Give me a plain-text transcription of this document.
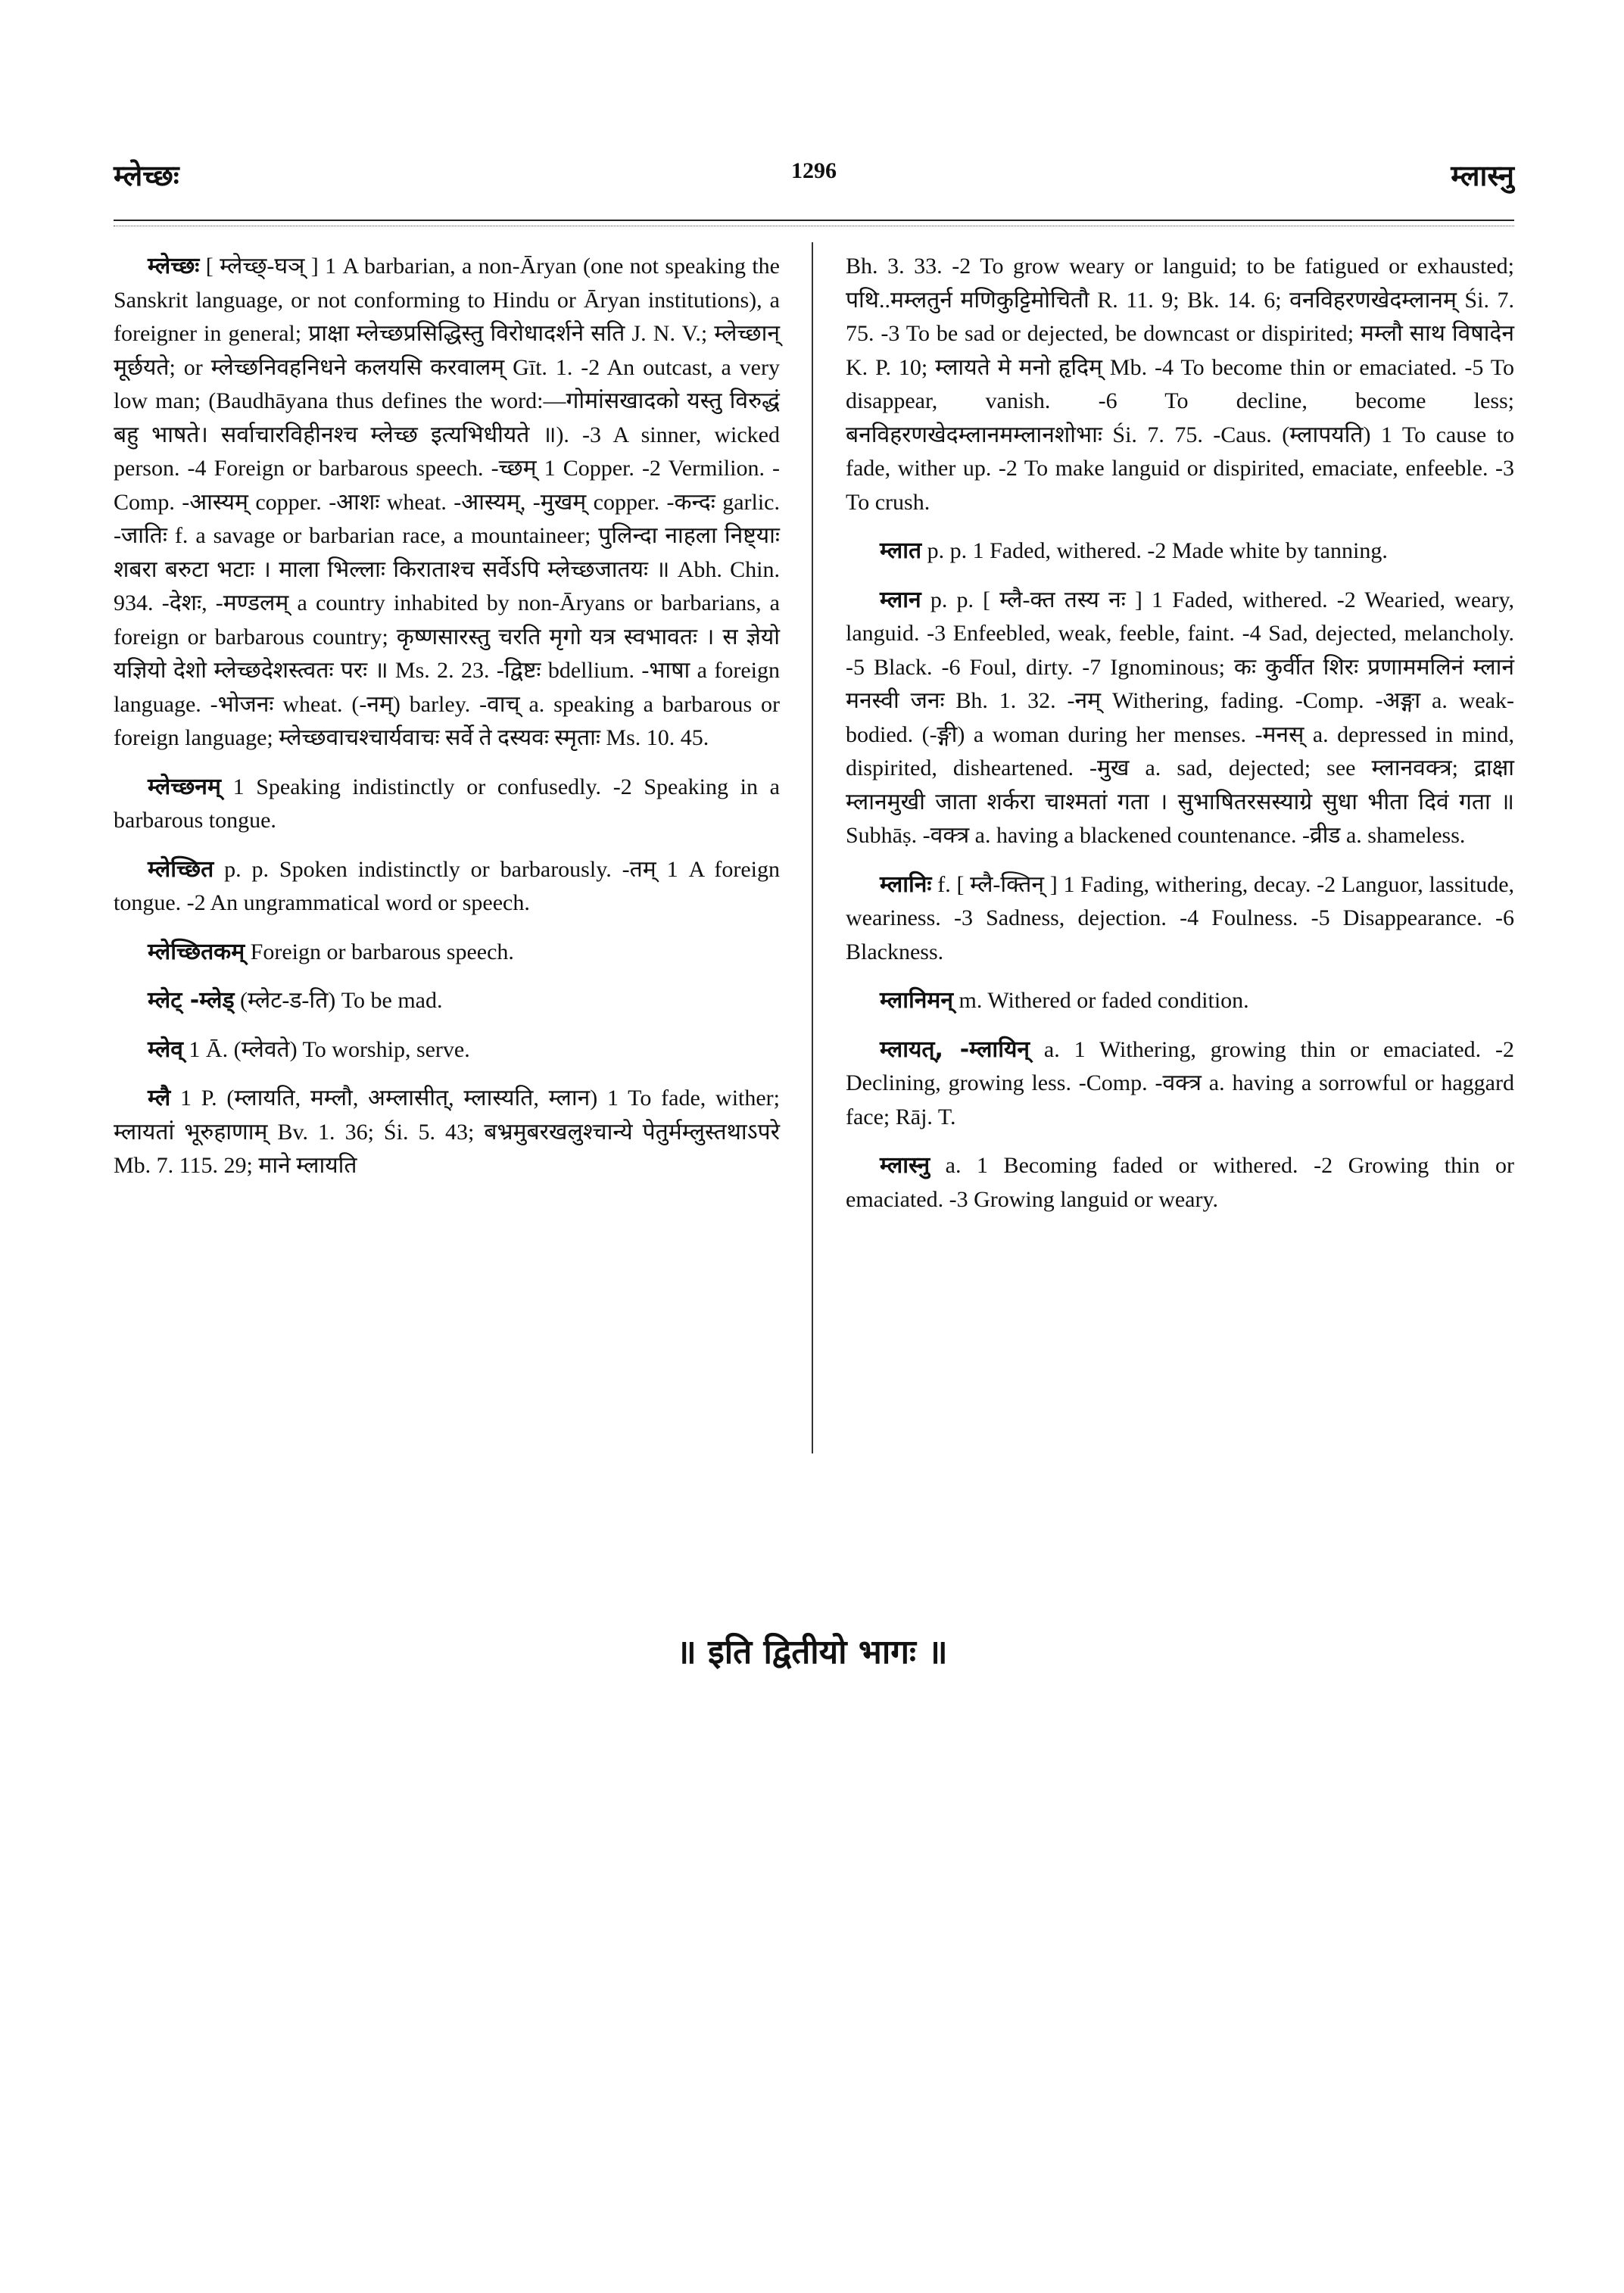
म्लेच्छः	1296	म्लास्नु

म्लेच्छः [ म्लेच्छ्-घञ् ] 1 A barbarian, a non-Āryan (one not speaking the Sanskrit language, or not conforming to Hindu or Āryan institutions), a foreigner in general; प्राक्षा म्लेच्छप्रसिद्धिस्तु विरोधादर्शने सति J. N. V.; म्लेच्छान् मूर्छयते; or म्लेच्छनिवहनिधने कलयसि करवालम् Gīt. 1. -2 An outcast, a very low man; (Baudhāyana thus defines the word:—गोमांसखादको यस्तु विरुद्धं बहु भाषते। सर्वाचारविहीनश्च म्लेच्छ इत्यभिधीयते ॥). -3 A sinner, wicked person. -4 Foreign or barbarous speech. -च्छम् 1 Copper. -2 Vermilion. -Comp. -आस्यम् copper. -आशः wheat. -आस्यम्, -मुखम् copper. -कन्दः garlic. -जातिः f. a savage or barbarian race, a mountaineer; पुलिन्दा नाहला निष्ट्याः शबरा बरुटा भटाः । माला भिल्लाः किराताश्च सर्वेऽपि म्लेच्छजातयः ॥ Abh. Chin. 934. -देशः, -मण्डलम् a country inhabited by non-Āryans or barbarians, a foreign or barbarous country; कृष्णसारस्तु चरति मृगो यत्र स्वभावतः । स ज्ञेयो यज्ञियो देशो म्लेच्छदेशस्त्वतः परः ॥ Ms. 2. 23. -द्विष्टः bdellium. -भाषा a foreign language. -भोजनः wheat. (-नम्) barley. -वाच् a. speaking a barbarous or foreign language; म्लेच्छवाचश्चार्यवाचः सर्वे ते दस्यवः स्मृताः Ms. 10. 45.

म्लेच्छनम् 1 Speaking indistinctly or confusedly. -2 Speaking in a barbarous tongue.

म्लेच्छित p. p. Spoken indistinctly or barbarously. -तम् 1 A foreign tongue. -2 An ungrammatical word or speech.

म्लेच्छितकम् Foreign or barbarous speech.

म्लेट् -म्लेड् (म्लेट-ड-ति) To be mad.

म्लेव् 1 Ā. (म्लेवते) To worship, serve.

म्लै 1 P. (म्लायति, मम्लौ, अम्लासीत्, म्लास्यति, म्लान) 1 To fade, wither; म्लायतां भूरुहाणाम् Bv. 1. 36; Śi. 5. 43; बभ्रमुबरखलुश्चान्ये पेतुर्मम्लुस्तथाऽपरे Mb. 7. 115. 29; माने म्लायति

Bh. 3. 33. -2 To grow weary or languid; to be fatigued or exhausted; पथि..मम्लतुर्न मणिकुट्टिमोचितौ R. 11. 9; Bk. 14. 6; वनविहरणखेदम्लानम् Śi. 7. 75. -3 To be sad or dejected, be downcast or dispirited; मम्लौ साथ विषादेन K. P. 10; म्लायते मे मनो हृदिम् Mb. -4 To become thin or emaciated. -5 To disappear, vanish. -6 To decline, become less; बनविहरणखेदम्लानमम्लानशोभाः Śi. 7. 75. -Caus. (म्लापयति) 1 To cause to fade, wither up. -2 To make languid or dispirited, emaciate, enfeeble. -3 To crush.

म्लात p. p. 1 Faded, withered. -2 Made white by tanning.

म्लान p. p. [ म्लै-क्त तस्य नः ] 1 Faded, withered. -2 Wearied, weary, languid. -3 Enfeebled, weak, feeble, faint. -4 Sad, dejected, melancholy. -5 Black. -6 Foul, dirty. -7 Ignominous; कः कुर्वीत शिरः प्रणाममलिनं म्लानं मनस्वी जनः Bh. 1. 32. -नम् Withering, fading. -Comp. -अङ्गा a. weak-bodied. (-ङ्गी) a woman during her menses. -मनस् a. depressed in mind, dispirited, disheartened. -मुख a. sad, dejected; see म्लानवक्त्र; द्राक्षा म्लानमुखी जाता शर्करा चाश्मतां गता । सुभाषितरसस्याग्रे सुधा भीता दिवं गता ॥ Subhāṣ. -वक्त्र a. having a blackened countenance. -व्रीड a. shameless.

म्लानिः f. [ म्लै-क्तिन् ] 1 Fading, withering, decay. -2 Languor, lassitude, weariness. -3 Sadness, dejection. -4 Foulness. -5 Disappearance. -6 Blackness.

म्लानिमन् m. Withered or faded condition.

म्लायत्, -म्लायिन् a. 1 Withering, growing thin or emaciated. -2 Declining, growing less. -Comp. -वक्त्र a. having a sorrowful or haggard face; Rāj. T.

म्लास्नु a. 1 Becoming faded or withered. -2 Growing thin or emaciated. -3 Growing languid or weary.

॥ इति द्वितीयो भागः ॥
